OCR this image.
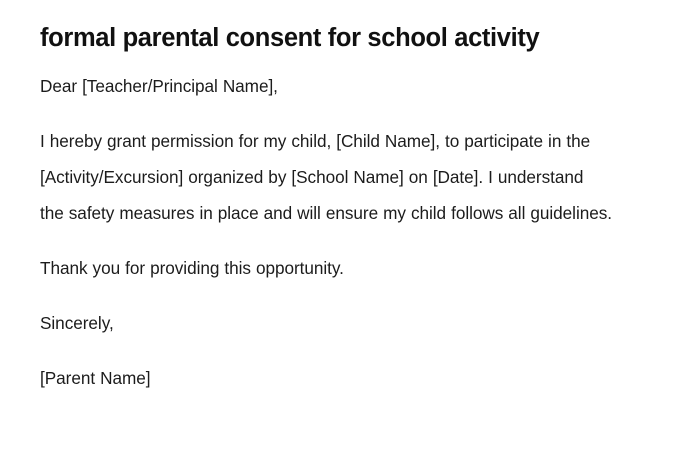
formal parental consent for school activity

Dear [Teacher/Principal Name],

I hereby grant permission for my child, [Child Name], to participate in the [Activity/Excursion] organized by [School Name] on [Date]. I understand the safety measures in place and will ensure my child follows all guidelines.

Thank you for providing this opportunity.

Sincerely,

[Parent Name]
